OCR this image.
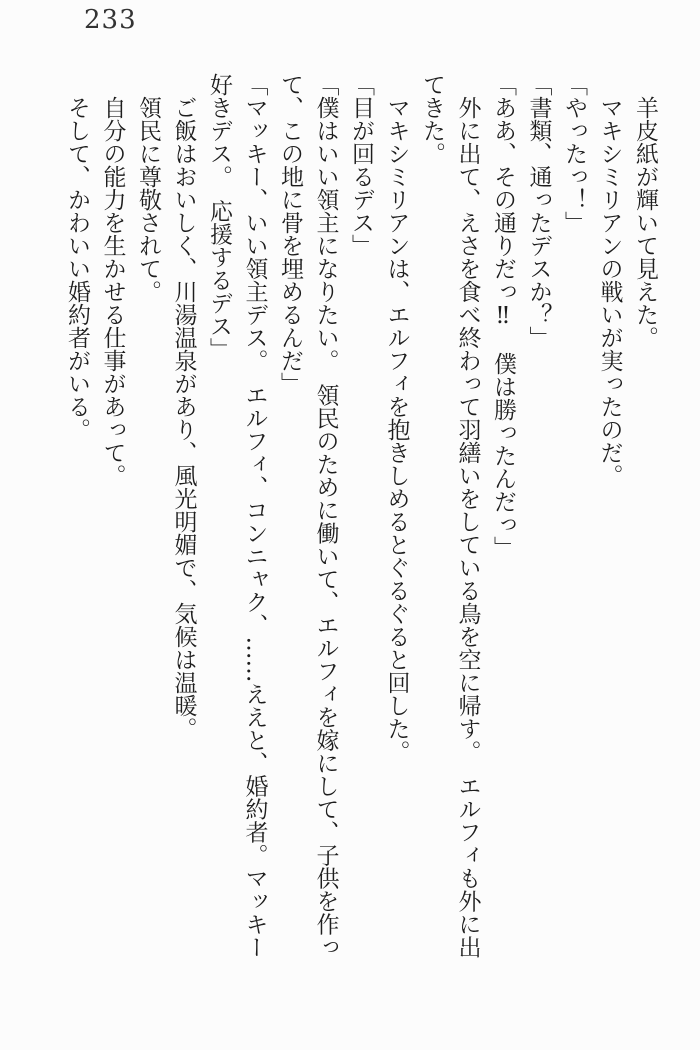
233
羊皮紙が輝いて見えた。
マキシミリアンの戦いが実ったのだ。
「やったっ！」
「書類、通ったデスか？」
「ああ、その通りだっ‼　僕は勝ったんだっ」
外に出て、えさを食べ終わって羽繕いをしている鳥を空に帰す。　エルフィも外に出
てきた。
マキシミリアンは、エルフィを抱きしめるとぐるぐると回した。
「目が回るデス」
「僕はいい領主になりたい。　領民のために働いて、エルフィを嫁にして、子供を作っ
て、この地に骨を埋めるんだ」
「マッキー、いい領主デス。　エルフィ、コンニャク、……ええと、婚約者。マッキー
好きデス。　応援するデス」
ご飯はおいしく、川湯温泉があり、風光明媚で、気候は温暖。
領民に尊敬されて。
自分の能力を生かせる仕事があって。
そして、かわいい婚約者がいる。
